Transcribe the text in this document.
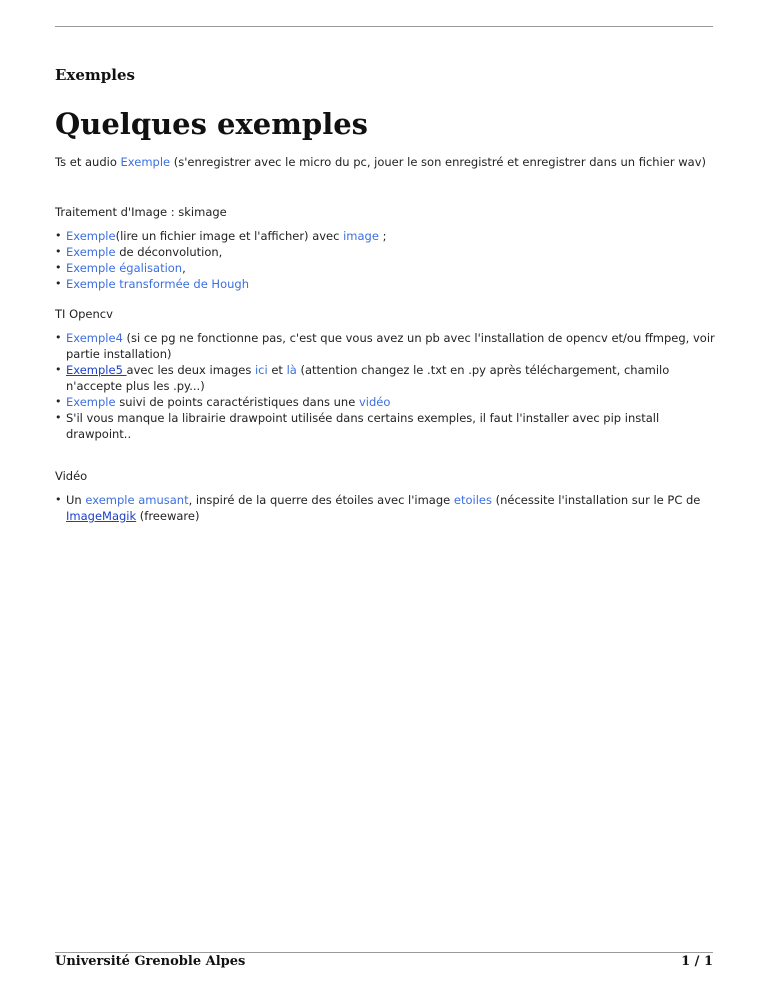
Exemples
Quelques exemples

Ts et audio Exemple (s'enregistrer avec le micro du pc, jouer le son enregistré et enregistrer dans un fichier wav)

Traitement d'Image : skimage

• Exemple(lire un fichier image et l'afficher) avec image ;
• Exemple de déconvolution,
• Exemple égalisation,
• Exemple transformée de Hough

TI Opencv

• Exemple4 (si ce pg ne fonctionne pas, c'est que vous avez un pb avec l'installation de opencv et/ou ffmpeg, voir partie installation)
• Exemple5 avec les deux images ici et là (attention changez le .txt en .py après téléchargement, chamilo n'accepte plus les .py...)
• Exemple suivi de points caractéristiques dans une vidéo
• S'il vous manque la librairie drawpoint utilisée dans certains exemples, il faut l'installer avec pip install drawpoint..

Vidéo

• Un exemple amusant, inspiré de la querre des étoiles avec l'image etoiles (nécessite l'installation sur le PC de ImageMagik (freeware)
Université Grenoble Alpes	1 / 1
